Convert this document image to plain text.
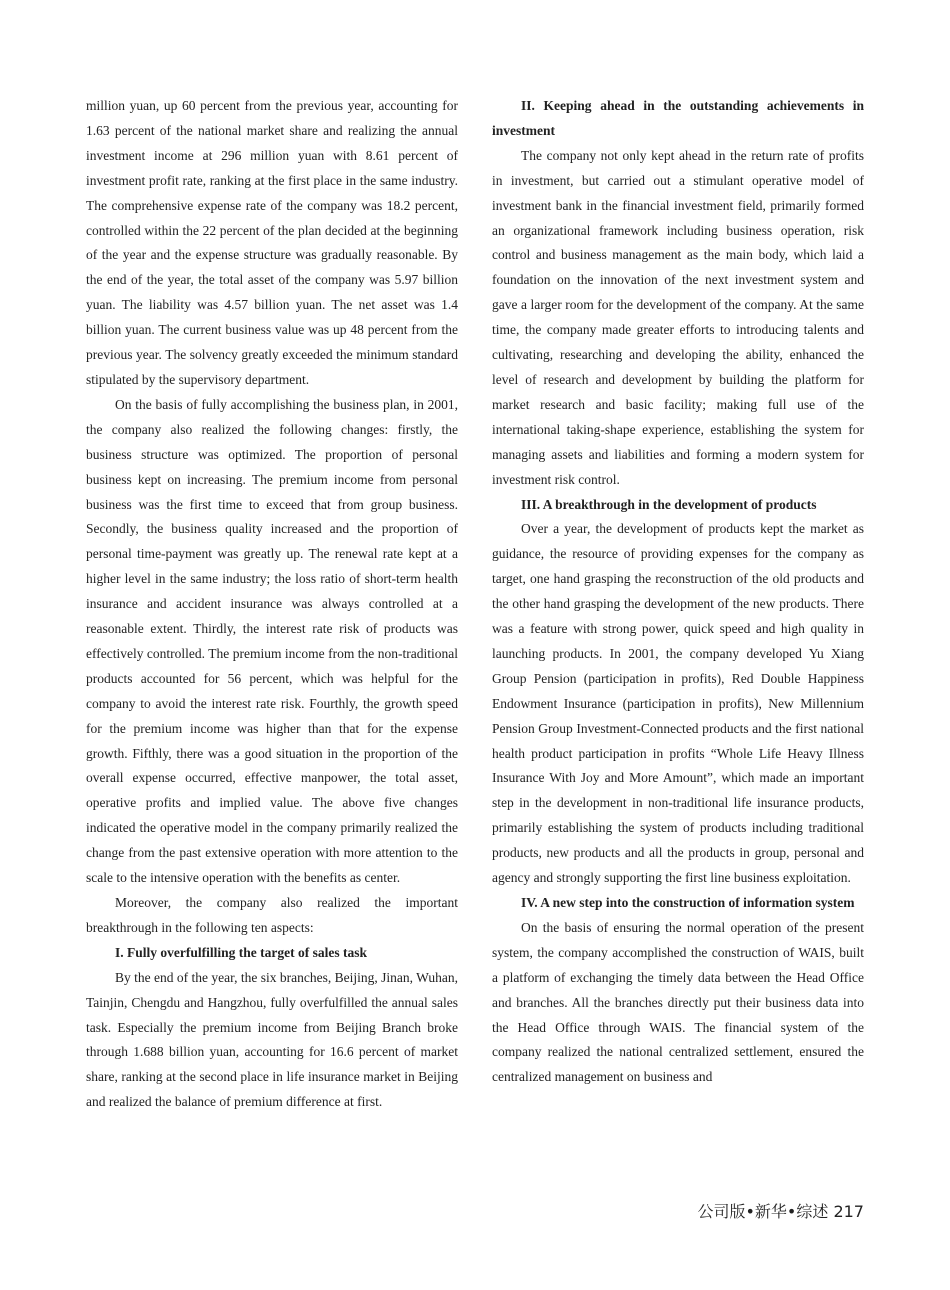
million yuan, up 60 percent from the previous year, accounting for 1.63 percent of the national market share and realizing the annual investment income at 296 million yuan with 8.61 percent of investment profit rate, ranking at the first place in the same industry. The comprehensive expense rate of the company was 18.2 percent, controlled within the 22 percent of the plan decided at the beginning of the year and the expense structure was gradually reasonable. By the end of the year, the total asset of the company was 5.97 billion yuan. The liability was 4.57 billion yuan. The net asset was 1.4 billion yuan. The current business value was up 48 percent from the previous year. The solvency greatly exceeded the minimum standard stipulated by the supervisory department.

On the basis of fully accomplishing the business plan, in 2001, the company also realized the following changes: firstly, the business structure was optimized. The proportion of personal business kept on increasing. The premium income from personal business was the first time to exceed that from group business. Secondly, the business quality increased and the proportion of personal time-payment was greatly up. The renewal rate kept at a higher level in the same industry; the loss ratio of short-term health insurance and accident insurance was always controlled at a reasonable extent. Thirdly, the interest rate risk of products was effectively controlled. The premium income from the non-traditional products accounted for 56 percent, which was helpful for the company to avoid the interest rate risk. Fourthly, the growth speed for the premium income was higher than that for the expense growth. Fifthly, there was a good situation in the proportion of the overall expense occurred, effective manpower, the total asset, operative profits and implied value. The above five changes indicated the operative model in the company primarily realized the change from the past extensive operation with more attention to the scale to the intensive operation with the benefits as center.

Moreover, the company also realized the important breakthrough in the following ten aspects:

I. Fully overfulfilling the target of sales task

By the end of the year, the six branches, Beijing, Jinan, Wuhan, Tainjin, Chengdu and Hangzhou, fully overfulfilled the annual sales task. Especially the premium income from Beijing Branch broke through 1.688 billion yuan, accounting for 16.6 percent of market share, ranking at the second place in life insurance market in Beijing and realized the balance of premium difference at first.

II. Keeping ahead in the outstanding achievements in investment

The company not only kept ahead in the return rate of profits in investment, but carried out a stimulant operative model of investment bank in the financial investment field, primarily formed an organizational framework including business operation, risk control and business management as the main body, which laid a foundation on the innovation of the next investment system and gave a larger room for the development of the company. At the same time, the company made greater efforts to introducing talents and cultivating, researching and developing the ability, enhanced the level of research and development by building the platform for market research and basic facility; making full use of the international taking-shape experience, establishing the system for managing assets and liabilities and forming a modern system for investment risk control.

III. A breakthrough in the development of products

Over a year, the development of products kept the market as guidance, the resource of providing expenses for the company as target, one hand grasping the reconstruction of the old products and the other hand grasping the development of the new products. There was a feature with strong power, quick speed and high quality in launching products. In 2001, the company developed Yu Xiang Group Pension (participation in profits), Red Double Happiness Endowment Insurance (participation in profits), New Millennium Pension Group Investment-Connected products and the first national health product participation in profits “Whole Life Heavy Illness Insurance With Joy and More Amount”, which made an important step in the development in non-traditional life insurance products, primarily establishing the system of products including traditional products, new products and all the products in group, personal and agency and strongly supporting the first line business exploitation.

IV. A new step into the construction of information system

On the basis of ensuring the normal operation of the present system, the company accomplished the construction of WAIS, built a platform of exchanging the timely data between the Head Office and branches. All the branches directly put their business data into the Head Office through WAIS. The financial system of the company realized the national centralized settlement, ensured the centralized management on business and

公司版•新华•综述 217
